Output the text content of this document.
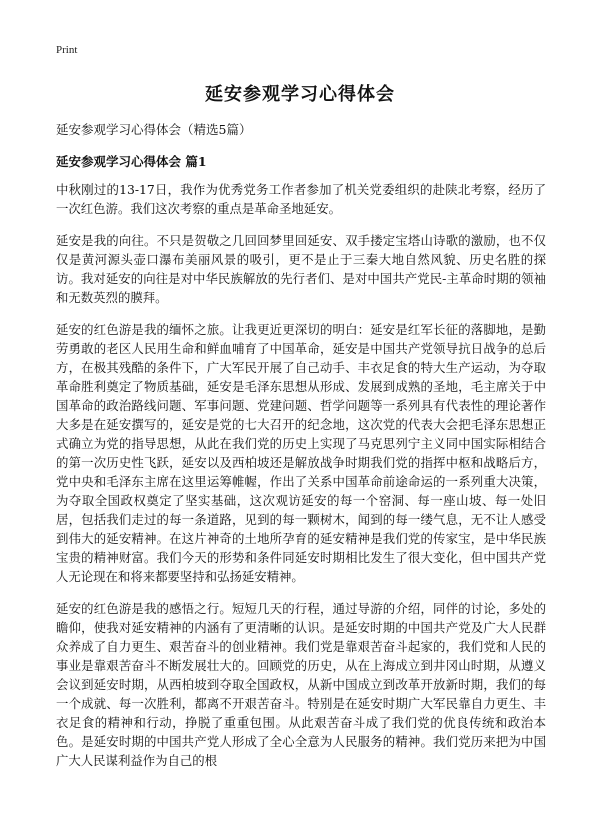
Print
延安参观学习心得体会
延安参观学习心得体会（精选5篇）
延安参观学习心得体会 篇1

中秋刚过的13-17日，我作为优秀党务工作者参加了机关党委组织的赴陕北考察，经历了一次红色游。我们这次考察的重点是革命圣地延安。

延安是我的向往。不只是贺敬之几回回梦里回延安、双手搂定宝塔山诗歌的激励，也不仅仅是黄河源头壶口瀑布美丽风景的吸引，更不是止于三秦大地自然风貌、历史名胜的探访。我对延安的向往是对中华民族解放的先行者们、是对中国共产党民-主革命时期的领袖和无数英烈的膜拜。

延安的红色游是我的缅怀之旅。让我更近更深切的明白：延安是红军长征的落脚地，是勤劳勇敢的老区人民用生命和鲜血哺育了中国革命，延安是中国共产党领导抗日战争的总后方，在极其残酷的条件下，广大军民开展了自己动手、丰衣足食的特大生产运动，为夺取革命胜利奠定了物质基础，延安是毛泽东思想从形成、发展到成熟的圣地，毛主席关于中国革命的政治路线问题、军事问题、党建问题、哲学问题等一系列具有代表性的理论著作大多是在延安撰写的，延安是党的七大召开的纪念地，这次党的代表大会把毛泽东思想正式确立为党的指导思想，从此在我们党的历史上实现了马克思列宁主义同中国实际相结合的第一次历史性飞跃，延安以及西柏坡还是解放战争时期我们党的指挥中枢和战略后方，党中央和毛泽东主席在这里运筹帷幄，作出了关系中国革命前途命运的一系列重大决策，为夺取全国政权奠定了坚实基础，这次观访延安的每一个窑洞、每一座山坡、每一处旧居，包括我们走过的每一条道路，见到的每一颗树木，闻到的每一缕气息，无不让人感受到伟大的延安精神。在这片神奇的土地所孕育的延安精神是我们党的传家宝，是中华民族宝贵的精神财富。我们今天的形势和条件同延安时期相比发生了很大变化，但中国共产党人无论现在和将来都要坚持和弘扬延安精神。

延安的红色游是我的感悟之行。短短几天的行程，通过导游的介绍，同伴的讨论，多处的瞻仰，使我对延安精神的内涵有了更清晰的认识。是延安时期的中国共产党及广大人民群众养成了自力更生、艰苦奋斗的创业精神。我们党是靠艰苦奋斗起家的，我们党和人民的事业是靠艰苦奋斗不断发展壮大的。回顾党的历史，从在上海成立到井冈山时期，从遵义会议到延安时期，从西柏坡到夺取全国政权，从新中国成立到改革开放新时期，我们的每一个成就、每一次胜利，都离不开艰苦奋斗。特别是在延安时期广大军民靠自力更生、丰衣足食的精神和行动，挣脱了重重包围。从此艰苦奋斗成了我们党的优良传统和政治本色。是延安时期的中国共产党人形成了全心全意为人民服务的精神。我们党历来把为中国广大人民谋利益作为自己的根
